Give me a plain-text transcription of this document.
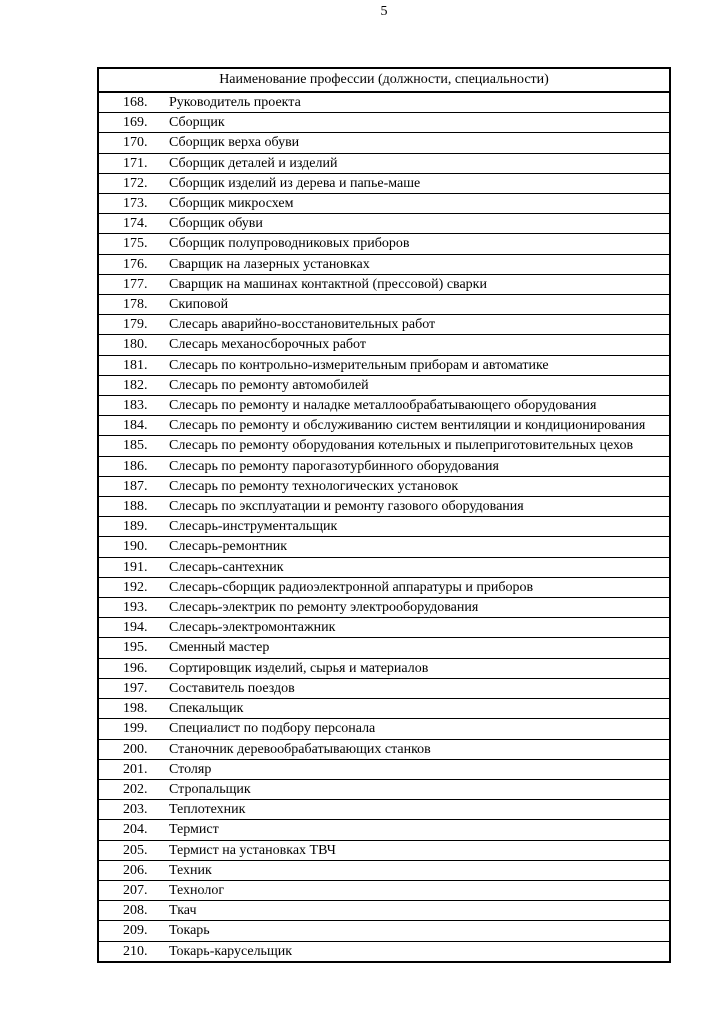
5
Наименование профессии (должности, специальности)
168.	Руководитель проекта
169.	Сборщик
170.	Сборщик верха обуви
171.	Сборщик деталей и изделий
172.	Сборщик изделий из дерева и папье-маше
173.	Сборщик микросхем
174.	Сборщик обуви
175.	Сборщик полупроводниковых приборов
176.	Сварщик на лазерных установках
177.	Сварщик на машинах контактной (прессовой) сварки
178.	Скиповой
179.	Слесарь аварийно-восстановительных работ
180.	Слесарь механосборочных работ
181.	Слесарь по контрольно-измерительным приборам и автоматике
182.	Слесарь по ремонту автомобилей
183.	Слесарь по ремонту и наладке металлообрабатывающего оборудования
184.	Слесарь по ремонту и обслуживанию систем вентиляции и кондиционирования
185.	Слесарь по ремонту оборудования котельных и пылеприготовительных цехов
186.	Слесарь по ремонту парогазотурбинного оборудования
187.	Слесарь по ремонту технологических установок
188.	Слесарь по эксплуатации и ремонту газового оборудования
189.	Слесарь-инструментальщик
190.	Слесарь-ремонтник
191.	Слесарь-сантехник
192.	Слесарь-сборщик радиоэлектронной аппаратуры и приборов
193.	Слесарь-электрик по ремонту электрооборудования
194.	Слесарь-электромонтажник
195.	Сменный мастер
196.	Сортировщик изделий, сырья и материалов
197.	Составитель поездов
198.	Спекальщик
199.	Специалист по подбору персонала
200.	Станочник деревообрабатывающих станков
201.	Столяр
202.	Стропальщик
203.	Теплотехник
204.	Термист
205.	Термист на установках ТВЧ
206.	Техник
207.	Технолог
208.	Ткач
209.	Токарь
210.	Токарь-карусельщик
